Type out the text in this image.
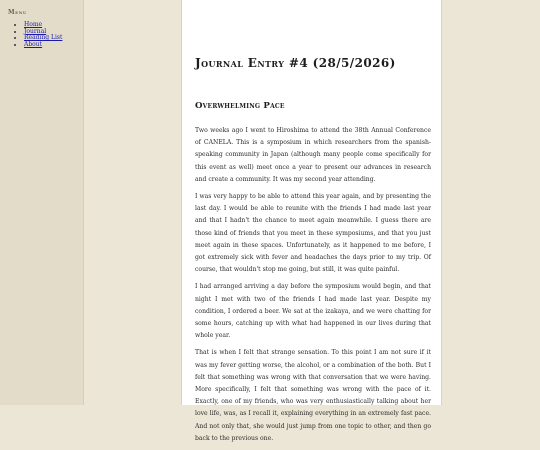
Menu
• Home
• Journal
• Reading List
• About
Journal Entry #4 (28/5/2026)
Overwhelming Pace

Two weeks ago I went to Hiroshima to attend the 38th Annual Conference of CANELA. This is a symposium in which researchers from the spanish-speaking community in Japan (although many people come specifically for this event as well) meet once a year to present our advances in research and create a community. It was my second year attending.

I was very happy to be able to attend this year again, and by presenting the last day. I would be able to reunite with the friends I had made last year and that I hadn't the chance to meet again meanwhile. I guess there are those kind of friends that you meet in these symposiums, and that you just meet again in these spaces. Unfortunately, as it happened to me before, I got extremely sick with fever and headaches the days prior to my trip. Of course, that wouldn't stop me going, but still, it was quite painful.

I had arranged arriving a day before the symposium would begin, and that night I met with two of the friends I had made last year. Despite my condition, I ordered a beer. We sat at the izakaya, and we were chatting for some hours, catching up with what had happened in our lives during that whole year.

That is when I felt that strange sensation. To this point I am not sure if it was my fever getting worse, the alcohol, or a combination of the both. But I felt that something was wrong with that conversation that we were having. More specifically, I felt that something was wrong with the pace of it. Exactly, one of my friends, who was very enthusiastically talking about her love life, was, as I recall it, explaining everything in an extremely fast pace. And not only that, she would just jump from one topic to other, and then go back to the previous one.
